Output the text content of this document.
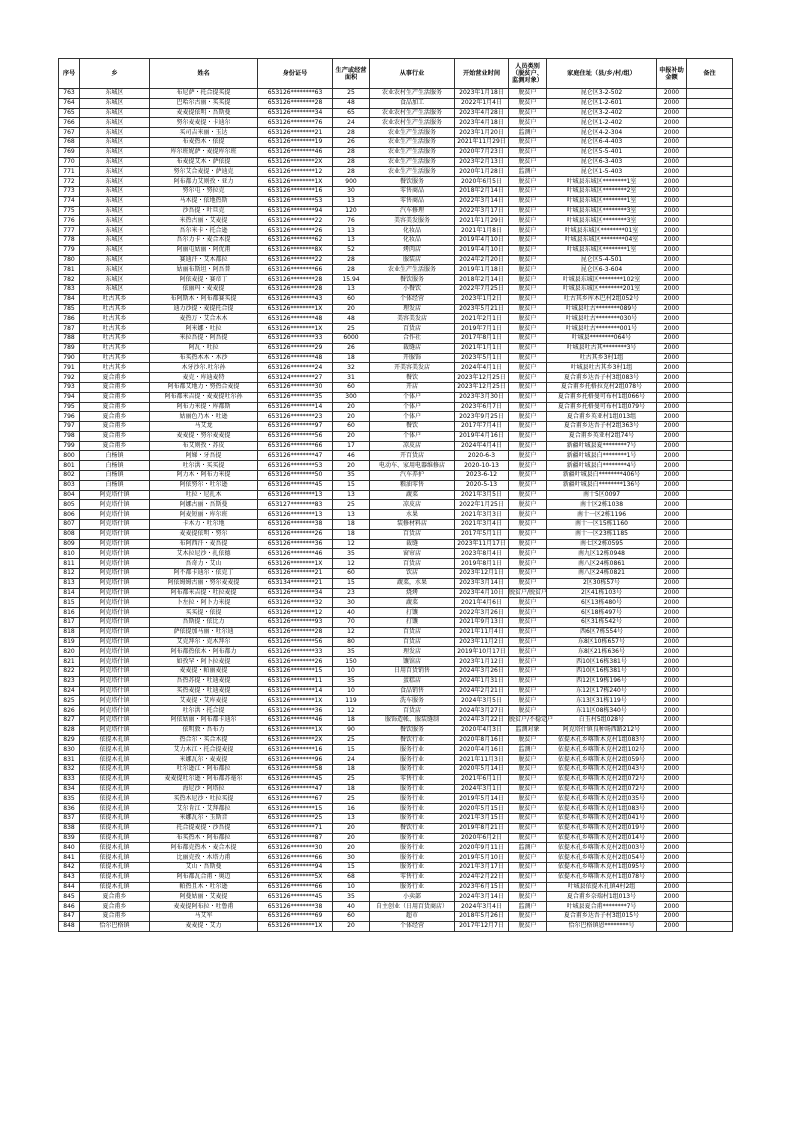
序号	乡	姓名	身份证号	生产或经营面积	从事行业	开始营业时间	人员类别（脱贫户、监测对象）	家庭住址（县/乡/村/组）	申报补助金额	备注
763	东城区	布尼萨・托合提买提	653126********63	25	农业农村生产生活服务	2023年1月18日	脱贫户	昆仑区3-2-502	2000	
764	东城区	巴哈尔古丽・买买提	653126********28	48	食品加工	2022年1月4日	脱贫户	昆仑区1-2-601	2000	
765	东城区	麦麦提依明・吾斯曼	653126********34	65	农业农村生产生活服务	2023年4月28日	脱贫户	昆仑区3-2-402	2000	
766	东城区	努尔麦麦提・卡迪尔	653126********76	24	农业农村生产生活服务	2023年4月18日	脱贫户	昆仑区1-2-402	2000	
767	东城区	买司吉米丽・玉达	653126********21	28	农业生产生活服务	2023年1月20日	监测户	昆仑区4-2-304	2000	
768	东城区	布麦热木・依提	653126********19	26	农业生产生活服务	2021年11月29日	脱贫户	昆仑区6-4-403	2000	
769	东城区	库尔班妮萨・麦提库尔班	653126********46	28	农业生产生活服务	2020年7月23日	脱贫户	昆仑区5-5-401	2000	
770	东城区	布麦提艾木・萨依提	653126********2X	28	农业生产生活服务	2023年2月13日	脱贫户	昆仑区6-3-403	2000	
771	东城区	努尔艾合麦提・萨迪克	653126********12	28	农业生产生活服务	2020年1月28日	监测户	昆仑区1-5-403	2000	
772	东城区	阿布都力艾则孜・亚力	653126********1X	900	餐饮服务	2020年6月5日	脱贫户	叶城县东城区********1室	2000	
773	东城区	努尔屯・努拉克	653126********16	30	零售商品	2018年2月14日	脱贫户	叶城县东城区********2室	2000	
774	东城区	马木提・依地热斯	653126********53	13	零售商品	2022年3月14日	脱贫户	叶城县东城区********1室	2000	
775	东城区	沙吾提・叶旦克	653126********94	120	汽车修理	2022年3月17日	脱贫户	叶城县东城区********3室	2000	
776	东城区	米热古丽・艾麦提	653126********22	76	美容美发服务	2021年1月29日	脱贫户	叶城县东城区********3室	2000	
777	东城区	吾尔米卡・托合逊	653126********26	13	化妆品	2021年1月8日	脱贫户	叶城县东城区********01室	2000	
778	东城区	吾尔力卡・麦合木提	653126********62	13	化妆品	2019年4月10日	脱贫户	叶城县东城区********04室	2000	
779	东城区	阿丽屯姑丽・阿优甫	653126********8X	52	烤肉店	2019年4月10日	脱贫户	叶城县东城区********1室	2000	
780	东城区	赛迪汗・艾木都拉	653126********22	28	服装店	2024年2月20日	脱贫户	昆仑区5-4-501	2000	
781	东城区	姑丽布斯坦・阿吾普	653126********66	28	农业生产生活服务	2019年1月18日	脱贫户	昆仑区6-3-604	2000	
782	东城区	阿依麦提・赛帝丁	653126********28	15.94	餐饮服务	2018年2月14日	脱贫户	叶城县东城区********102室	2000	
783	东城区	依丽玛・麦麦提	653126********28	13	小餐饮	2022年7月25日	脱贫户	叶城县东城区********201室	2000	
784	吐古其乡	布阿斯木・阿布都赛买提	653126********43	60	个体经营	2023年1月2日	脱贫户	吐古其乡库木巴村2组052号	2000	
785	吐古其乡	迪力沙提・麦提托合提	653126********1X	20	理发店	2023年5月21日	脱贫户	叶城县吐古********089号	2000	
786	吐古其乡	麦热万・艾合木木	653126********48	48	美容美发店	2021年2月1日	脱贫户	叶城县吐古********030号	2000	
787	吐古其乡	阿米娜・吐拉	653126********1X	25	百货店	2019年7月1日	脱贫户	叶城县吐古********001号	2000	
788	吐古其乡	米拉吾提・阿吾提	653126********33	6000	合作社	2017年8月1日	脱贫户	叶城县********064号	2000	
789	吐古其乡	阿瓦・吐拉	653126********29	26	裁缝店	2021年1月1日	脱贫户	叶城县吐古其********3号	2000	
790	吐古其乡	布买热木木・木沙	653126********48	18	开服饰	2023年5月1日	脱贫户	吐古其乡3村1组	2000	
791	吐古其乡	木牙沙尔.吐尔孙	653126********24	32	开美容美发店	2024年4月1日	脱贫户	叶城县吐古其乡3村1组	2000	
792	夏合甫乡	麦克・库迪麦特	653124********27	31	餐饮	2023年12月25日	脱贫户	夏合甫乡达吾子村3组083号	2000	
793	夏合甫乡	阿布都艾地力・努热合麦提	653126********30	60	开店	2023年12月25日	脱贫户	夏合甫乡托格拉克村2组078号	2000	
794	夏合甫乡	阿布都米吉提・麦麦提吐尔孙	653126********35	300	个体户	2023年3月30日	脱贫户	夏合甫乡托格曼可布村1组066号	2000	
795	夏合甫乡	阿布力米提・库都斯	653126********14	20	个体户	2023年6月7日	脱贫户	夏合甫乡托格曼可布村1组079号	2000	
796	夏合甫乡	姑丽色乃木・吐逊	653126********23	20	个体户	2023年9月25日	脱贫户	夏合甫乡英亚村1组013组	2000	
797	夏合甫乡	马艾龙	653126********97	60	餐饮	2017年7月4日	脱贫户	夏合甫乡达吾子村2组363号	2000	
798	夏合甫乡	麦麦提・努尔麦麦提	653126********56	20	个体户	2019年4月16日	脱贫户	夏合甫乡英亚村2组74号	2000	
799	夏合甫乡	布艾则孜・苏皮	653126********66	17	凉皮店	2024年4月4日	脱贫户	新疆叶城县夏********7号	2000	
800	白杨镇	阿娣・牙吾提	653126********47	46	开百货店	2020-6-3	脱贫户	新疆叶城县白********1号	2000	
801	白杨镇	吐尔洪・买买提	653126********53	20	电动车、家用电器维修店	2020-10-13	脱贫户	新疆叶城县白********4号	2000	
802	白杨镇	阿力木・阿布力米提	653126********50	35	汽车养护	2023-6-12	脱贫户	新疆叶城县白********406号	2000	
803	白杨镇	阿依努尔・吐尔逊	653126********45	15	粮油零售	2020-5-13	脱贫户	新疆叶城县白********136号	2000	
804	阿克塔什镇	吐拉・尼扎木	653126********13	13	蔬菜	2021年3月5日	脱贫户	南十5区0097	2000	
805	阿克塔什镇	阿娜古丽・吾斯曼	653127********83	25	凉皮店	2022年1月25日	脱贫户	南十区2栋1038	2000	
806	阿克塔什镇	阿麦短丽・库尔班	653126********13	13	水果	2021年3月3日	脱贫户	南十一区2栋1196	2000	
807	阿克塔什镇	卡木力・吐尔地	653126********38	18	装修材料店	2021年3月4日	脱贫户	南十一区15栋1160	2000	
808	阿克塔什镇	麦麦提依明・努尔	653126********26	18	百货店	2017年5月1日	脱贫户	南十一区23栋1185	2000	
809	阿克塔什镇	布阿西汗・麦吾提	653126********36	12	裁缝	2023年11月17日	脱贫户	南七区2栋0595	2000	
810	阿克塔什镇	艾木拉尼沙・扎依德	653126********46	35	窗帘店	2023年8月4日	脱贫户	南九区12栋0948	2000	
811	阿克塔什镇	吾奇力・艾山	653126********1X	12	百货店	2019年8月1日	脱贫户	南八区24栋0861	2000	
812	阿克塔什镇	阿不都卡迪尔・依克丁	653126********21	60	饮店	2023年12月1日	脱贫户	南八区24栋0821	2000	
813	阿克塔什镇	阿依姆姆古丽・努尔麦麦提	653134********21	15	蔬菜，水果	2023年3月14日	脱贫户	2区30栋57号	2000	
814	阿克塔什镇	阿布都米吉提・吐拉麦提	653126********34	23	烧烤	2023年4月10日	脱贫户/脱贫户	2区41栋103号	2000	
815	阿克塔什镇	卜左拉・阿卜力米提	653126********32	30	蔬菜	2021年4月6日	脱贫户	6区13栋480号	2000	
816	阿克塔什镇	买买提・依提	653126********12	40	打馕	2022年3月26日	脱贫户	6区18栋497号	2000	
817	阿克塔什镇	吾斯提・依比力	653126********93	70	打馕	2021年9月13日	脱贫户	6区31栋542号	2000	
818	阿克塔什镇	萨依提加马丽・吐尔迪	653126********28	12	百货店	2021年11月4日	脱贫户	西6区7栋554号	2000	
819	阿克塔什镇	艾克拜尔・克木拜尔	653126********56	80	百货店	2023年11月2日	脱贫户	东8区10栋657号	2000	
820	阿克塔什镇	阿布都热依木・阿布都力	653126********33	35	理发店	2019年10月17日	脱贫户	东8区21栋636号	2000	
821	阿克塔什镇	如孜罕・阿卜拉麦提	653126********26	150	馕馆店	2023年1月12日	脱贫户	西10区16栋381号	2000	
822	阿克塔什镇	麦麦提・帕丽麦提	653126********15	10	日用百货销售	2024年3月26日	脱贫户	西10区16栋381号	2000	
823	阿克塔什镇	吾热苏提・吐迪麦提	653126********11	35	蛋糕店	2024年1月31日	脱贫户	西12区19栋196号	2000	
824	阿克塔什镇	买热麦提・吐迪麦提	653126********14	10	食品销售	2024年2月21日	脱贫户	东12区17栋240号	2000	
825	阿克塔什镇	艾麦提・艾库麦提	653126********1X	119	洗车服务	2024年3月5日	脱贫户	东13区31栋119号	2000	
826	阿克塔什镇	吐尔洪・托合提	653126********36	12	百货店	2024年3月27日	脱贫户	东11区08栋340号	2000	
827	阿克塔什镇	阿依姑丽・阿布都卡迪尔	653126********46	18	服饰造帐、服装缝制	2024年3月22日	脱贫户/不稳定户	白玉村5组028号	2000	
828	阿克塔什镇	依明敦・吾布力	653126********1X	90	餐饮服务	2020年4月3日	监测对象	阿克塔什镇良种场西路212号	2000	
829	依提木孔镇	热合尔・买合木提	653126********2X	25	餐饮行业	2020年8月16日	脱贫户	依提木孔乡喀斯木克村1组083号	2000	
830	依提木孔镇	艾力木江・托合提麦提	653126********16	15	服务行业	2020年4月16日	监测户	依提木孔乡喀斯木克村2组102号	2000	
831	依提木孔镇	米娜瓦尔・麦麦提	653126********96	24	服务行业	2021年11月3日	脱贫户	依提木孔乡喀斯木克村2组059号	2000	
832	依提木孔镇	吐尔逊江・阿布都拉	653126********58	18	服务行业	2020年5月14日	脱贫户	依提木孔乡喀斯木克村2组043号	2000	
833	依提木孔镇	麦麦提吐尔逊・阿布都苏毫尔	653126********45	25	零售行业	2021年6月1日	脱贫户	依提木孔乡喀斯木克村2组072号	2000	
834	依提木孔镇	海尼沙・阿塔拉	653126********47	18	服务行业	2024年3月1日	脱贫户	依提木孔乡喀斯木克村2组072号	2000	
835	依提木孔镇	买热木尼沙・吐拉买提	653126********67	25	服务行业	2019年5月14日	脱贫户	依提木孔乡喀斯木克村2组035号	2000	
836	依提木孔镇	艾尔肯江・艾拜都拉	653126********15	16	服务行业	2020年5月15日	脱贫户	依提木孔乡喀斯木克村1组083号	2000	
837	依提木孔镇	米娜瓦尔・玉斯音	653126********25	13	服务行业	2021年3月15日	脱贫户	依提木孔乡喀斯木克村2组041号	2000	
838	依提木孔镇	托合提麦提・沙吾提	653126********71	20	餐饮行业	2019年8月21日	脱贫户	依提木孔乡喀斯木克村2组019号	2000	
839	依提木孔镇	布买热木・阿布都拉	653126********87	20	服务行业	2020年6月2日	脱贫户	依提木孔乡喀斯木克村2组014号	2000	
840	依提木孔镇	阿布都克热木・麦合木提	653126********30	20	服务行业	2020年9月11日	监测户	依提木孔乡喀斯木克村2组003号	2000	
841	依提木孔镇	比丽克孜・木塔力甫	653126********66	30	服务行业	2019年5月10日	脱贫户	依提木孔乡喀斯木克村2组054号	2000	
842	依提木孔镇	艾山・吾斯曼	653126********94	15	服务行业	2021年3月17日	脱贫户	依提木孔乡喀斯木克村1组095号	2000	
843	依提木孔镇	阿布都瓦合甫・奥迈	653126********5X	68	零售行业	2024年2月22日	脱贫户	依提木孔乡喀斯木克村1组078号	2000	
844	依提木孔镇	帕热且木・吐尔逊	653126********66	10	服务行业	2023年6月15日	脱贫户	叶城县依提木孔镇4村2组	2000	
845	夏合甫乡	阿曼姑丽・艾麦提	653126********45	35	小卖部	2024年3月14日	脱贫户	夏合甫乡奈瑞村1组013号	2000	
846	夏合甫乡	麦麦提阿布拉・吐鲁甫	653126********38	40	自主创业（日用百货商店）	2024年3月4日	监测户	叶城县夏合甫********7号	2000	
847	夏合甫乡	马艾军	653126********69	60	超市	2018年5月26日	脱贫户	夏合甫乡达吾子村3组015号	2000	
848	恰尔巴格镇	麦麦提・艾力	653126********1X	20	个体经营	2017年12月7日	脱贫户	恰尔巴格镇恩********号	2000	
